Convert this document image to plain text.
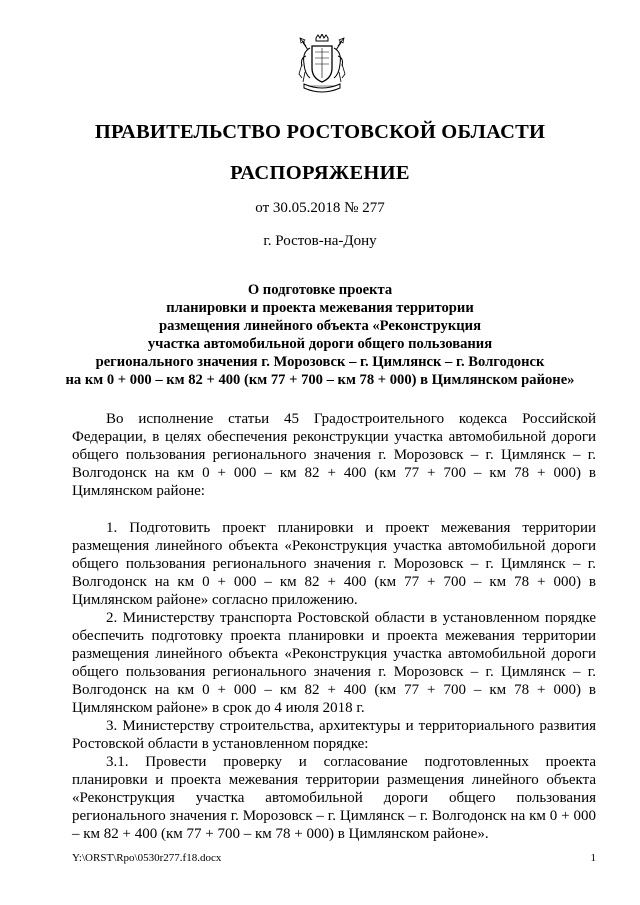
ПРАВИТЕЛЬСТВО РОСТОВСКОЙ ОБЛАСТИ
РАСПОРЯЖЕНИЕ
от 30.05.2018 № 277
г. Ростов-на-Дону
О подготовке проекта
планировки и проекта межевания территории
размещения линейного объекта «Реконструкция
участка автомобильной дороги общего пользования
регионального значения г. Морозовск – г. Цимлянск – г. Волгодонск
на км 0 + 000 – км 82 + 400 (км 77 + 700 – км 78 + 000) в Цимлянском районе»

Во исполнение статьи 45 Градостроительного кодекса Российской Федерации, в целях обеспечения реконструкции участка автомобильной дороги общего пользования регионального значения г. Морозовск – г. Цимлянск – г. Волгодонск на км 0 + 000 – км 82 + 400 (км 77 + 700 – км 78 + 000) в Цимлянском районе:

1. Подготовить проект планировки и проект межевания территории размещения линейного объекта «Реконструкция участка автомобильной дороги общего пользования регионального значения г. Морозовск – г. Цимлянск – г. Волгодонск на км 0 + 000 – км 82 + 400 (км 77 + 700 – км 78 + 000) в Цимлянском районе» согласно приложению.

2. Министерству транспорта Ростовской области в установленном порядке обеспечить подготовку проекта планировки и проекта межевания территории размещения линейного объекта «Реконструкция участка автомобильной дороги общего пользования регионального значения г. Морозовск – г. Цимлянск – г. Волгодонск на км 0 + 000 – км 82 + 400 (км 77 + 700 – км 78 + 000) в Цимлянском районе» в срок до 4 июля 2018 г.

3. Министерству строительства, архитектуры и территориального развития Ростовской области в установленном порядке:

3.1. Провести проверку и согласование подготовленных проекта планировки и проекта межевания территории размещения линейного объекта «Реконструкция участка автомобильной дороги общего пользования регионального значения г. Морозовск – г. Цимлянск – г. Волгодонск на км 0 + 000 – км 82 + 400 (км 77 + 700 – км 78 + 000) в Цимлянском районе».

Y:\ORST\Rpo\0530r277.f18.docx	1
